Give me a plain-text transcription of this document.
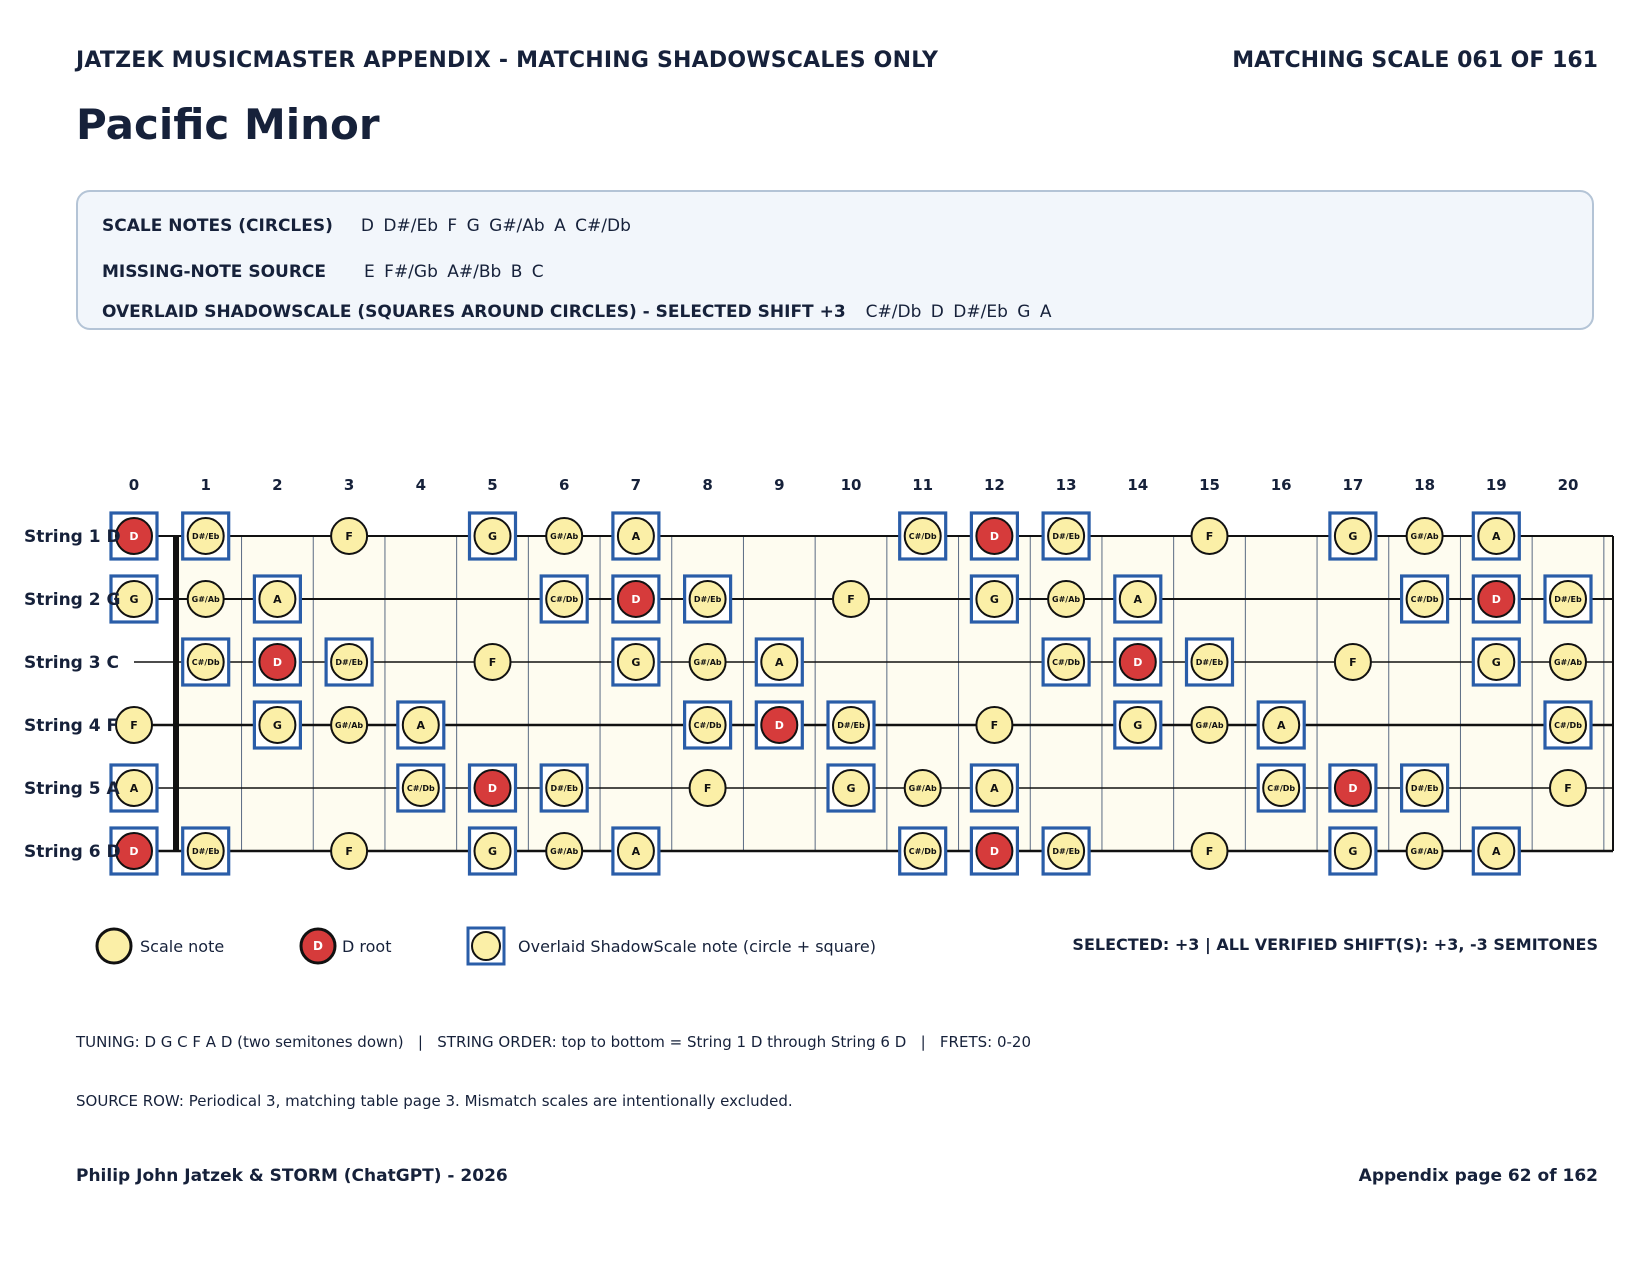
JATZEK MUSICMASTER APPENDIX - MATCHING SHADOWSCALES ONLY	MATCHING SCALE 061 OF 161
Pacific Minor
SCALE NOTES (CIRCLES) D D#/Eb F G G#/Ab A C#/Db
MISSING-NOTE SOURCE E F#/Gb A#/Bb B C
OVERLAID SHADOWSCALE (SQUARES AROUND CIRCLES) - SELECTED SHIFT +3 C#/Db D D#/Eb G A
0	1	2	3	4	5	6	7	8	9	10	11	12	13	14	15	16	17	18	19	20
D	D#/Eb	F	G	G#/Ab	A	C#/Db	D	D#/Eb	F	G	G#/Ab	A
G	G#/Ab	A	C#/Db	D	D#/Eb	F	G	G#/Ab	A	C#/Db	D	D#/Eb
C#/Db	D	D#/Eb	F	G	G#/Ab	A	C#/Db	D	D#/Eb	F	G	G#/Ab
F	G	G#/Ab	A	C#/Db	D	D#/Eb	F	G	G#/Ab	A	C#/Db
A	C#/Db	D	D#/Eb	F	G	G#/Ab	A	C#/Db	D	D#/Eb	F
D	D#/Eb	F	G	G#/Ab	A	C#/Db	D	D#/Eb	F	G	G#/Ab	A
String 1 D
String 2 G
String 3 C
String 4 F
String 5 A
String 6 D
D
Scale note	D root	Overlaid ShadowScale note (circle + square)	SELECTED: +3 | ALL VERIFIED SHIFT(S): +3, -3 SEMITONES
TUNING: D G C F A D (two semitones down)   |   STRING ORDER: top to bottom = String 1 D through String 6 D   |   FRETS: 0-20
SOURCE ROW: Periodical 3, matching table page 3. Mismatch scales are intentionally excluded.
Philip John Jatzek & STORM (ChatGPT) - 2026	Appendix page 62 of 162
